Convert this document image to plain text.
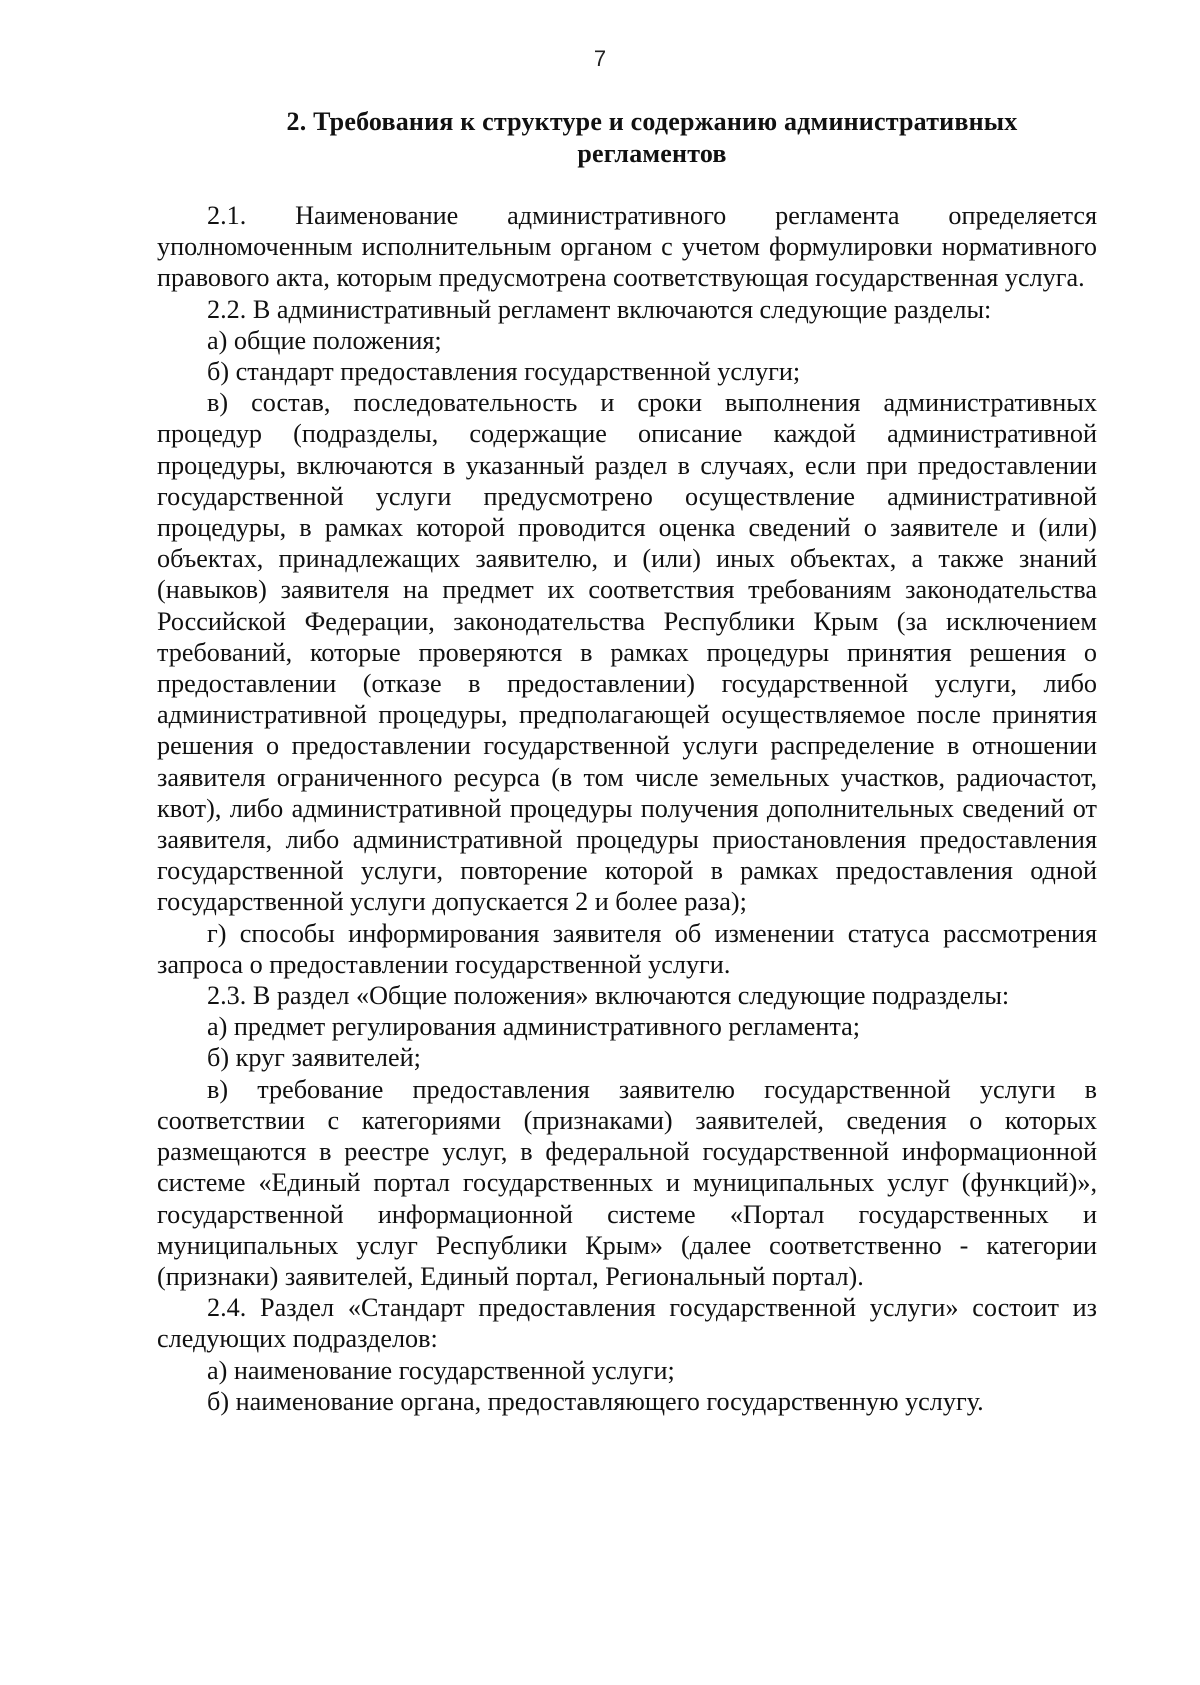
7
2. Требования к структуре и содержанию административных регламентов

2.1. Наименование административного регламента определяется уполномоченным исполнительным органом с учетом формулировки нормативного правового акта, которым предусмотрена соответствующая государственная услуга.

2.2. В административный регламент включаются следующие разделы:

а) общие положения;

б) стандарт предоставления государственной услуги;

в) состав, последовательность и сроки выполнения административных процедур (подразделы, содержащие описание каждой административной процедуры, включаются в указанный раздел в случаях, если при предоставлении государственной услуги предусмотрено осуществление административной процедуры, в рамках которой проводится оценка сведений о заявителе и (или) объектах, принадлежащих заявителю, и (или) иных объектах, а также знаний (навыков) заявителя на предмет их соответствия требованиям законодательства Российской Федерации, законодательства Республики Крым (за исключением требований, которые проверяются в рамках процедуры принятия решения о предоставлении (отказе в предоставлении) государственной услуги, либо административной процедуры, предполагающей осуществляемое после принятия решения о предоставлении государственной услуги распределение в отношении заявителя ограниченного ресурса (в том числе земельных участков, радиочастот, квот), либо административной процедуры получения дополнительных сведений от заявителя, либо административной процедуры приостановления предоставления государственной услуги, повторение которой в рамках предоставления одной государственной услуги допускается 2 и более раза);

г) способы информирования заявителя об изменении статуса рассмотрения запроса о предоставлении государственной услуги.

2.3. В раздел «Общие положения» включаются следующие подразделы:

а) предмет регулирования административного регламента;

б) круг заявителей;

в) требование предоставления заявителю государственной услуги в соответствии с категориями (признаками) заявителей, сведения о которых размещаются в реестре услуг, в федеральной государственной информационной системе «Единый портал государственных и муниципальных услуг (функций)», государственной информационной системе «Портал государственных и муниципальных услуг Республики Крым» (далее соответственно - категории (признаки) заявителей, Единый портал, Региональный портал).

2.4. Раздел «Стандарт предоставления государственной услуги» состоит из следующих подразделов:

а) наименование государственной услуги;

б) наименование органа, предоставляющего государственную услугу.
